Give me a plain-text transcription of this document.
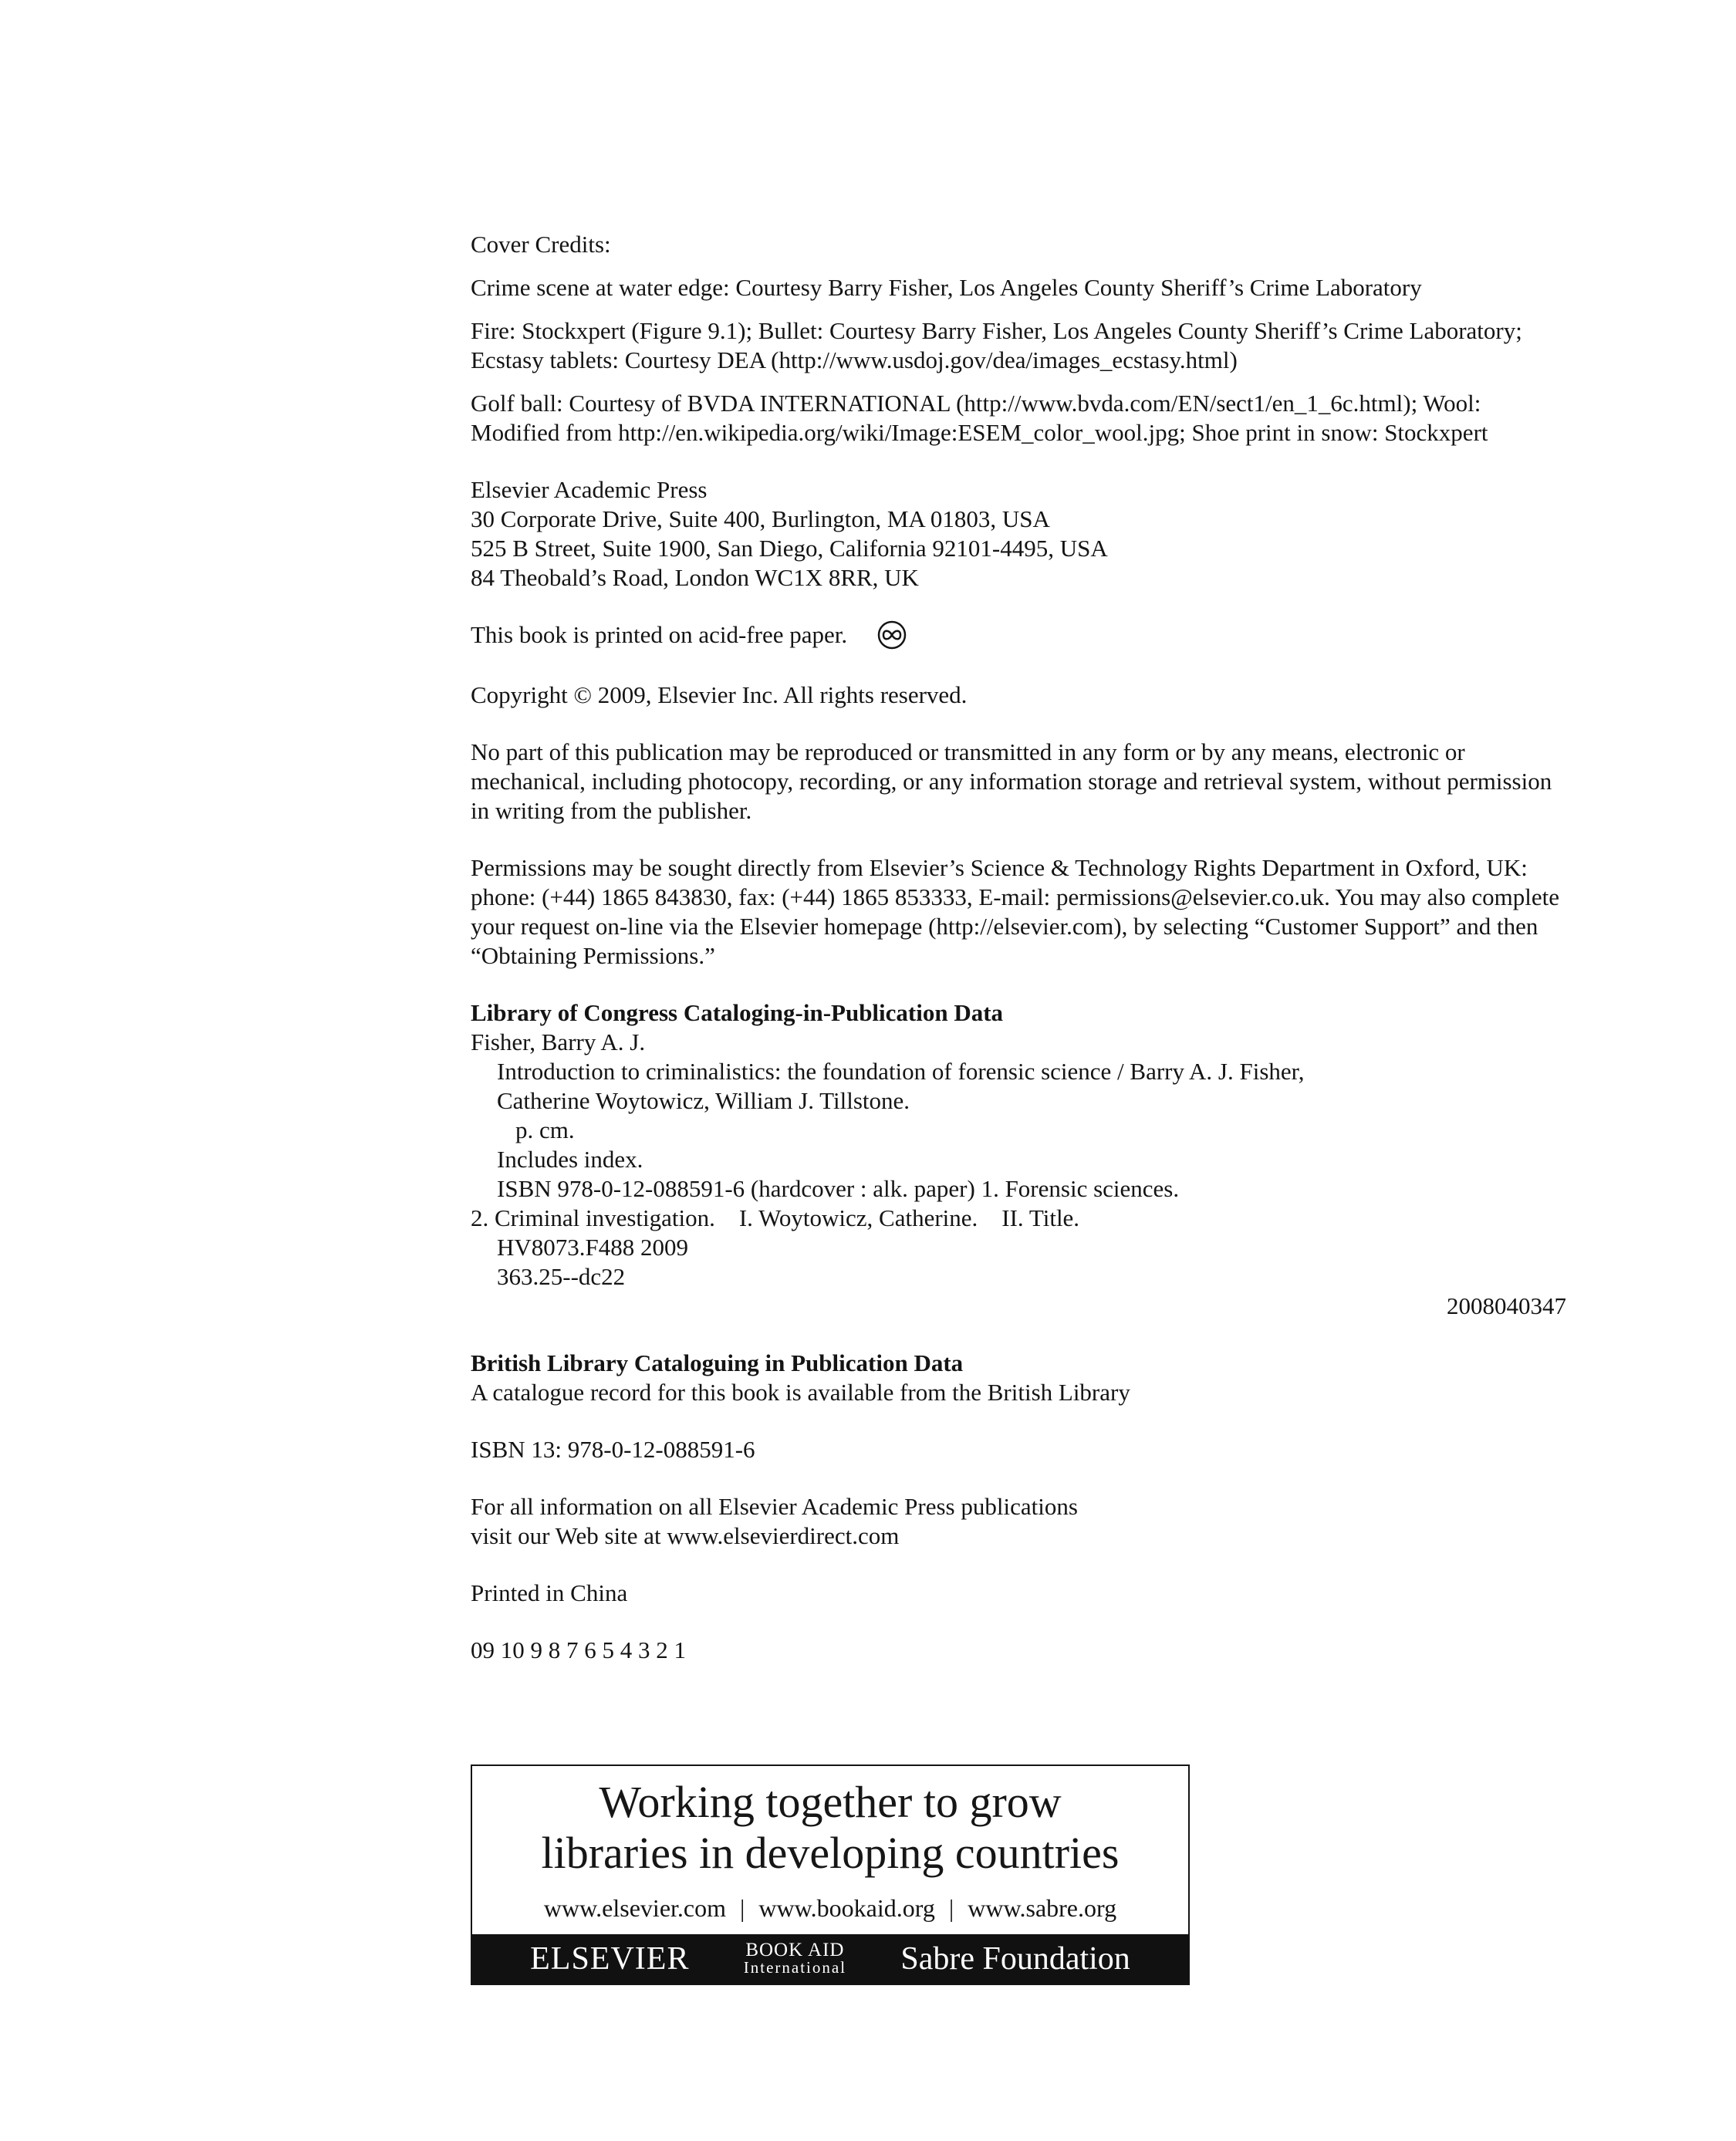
Cover Credits:
Crime scene at water edge: Courtesy Barry Fisher, Los Angeles County Sheriff’s Crime Laboratory
Fire: Stockxpert (Figure 9.1); Bullet: Courtesy Barry Fisher, Los Angeles County Sheriff’s Crime Laboratory; Ecstasy tablets: Courtesy DEA (http://www.usdoj.gov/dea/images_ecstasy.html)
Golf ball: Courtesy of BVDA INTERNATIONAL (http://www.bvda.com/EN/sect1/en_1_6c.html); Wool: Modified from http://en.wikipedia.org/wiki/Image:ESEM_color_wool.jpg; Shoe print in snow: Stockxpert

Elsevier Academic Press

30 Corporate Drive, Suite 400, Burlington, MA 01803, USA

525 B Street, Suite 1900, San Diego, California 92101-4495, USA

84 Theobald’s Road, London WC1X 8RR, UK

This book is printed on acid-free paper.
Copyright © 2009, Elsevier Inc. All rights reserved.
No part of this publication may be reproduced or transmitted in any form or by any means, electronic or mechanical, including photocopy, recording, or any information storage and retrieval system, without permission in writing from the publisher.
Permissions may be sought directly from Elsevier’s Science & Technology Rights Department in Oxford, UK: phone: (+44) 1865 843830, fax: (+44) 1865 853333, E-mail: permissions@elsevier.co.uk. You may also complete your request on-line via the Elsevier homepage (http://elsevier.com), by selecting “Customer Support” and then “Obtaining Permissions.”

Library of Congress Cataloging-in-Publication Data

Fisher, Barry A. J.

Introduction to criminalistics: the foundation of forensic science / Barry A. J. Fisher,

Catherine Woytowicz, William J. Tillstone.

p. cm.

Includes index.

ISBN 978-0-12-088591-6 (hardcover : alk. paper) 1. Forensic sciences.

2. Criminal investigation.    I. Woytowicz, Catherine.    II. Title.

HV8073.F488 2009

363.25--dc22

2008040347

British Library Cataloguing in Publication Data

A catalogue record for this book is available from the British Library

ISBN 13: 978-0-12-088591-6

For all information on all Elsevier Academic Press publications

visit our Web site at www.elsevierdirect.com

Printed in China
09 10 9 8 7 6 5 4 3 2 1
Working together to grow
libraries in developing countries
www.elsevier.com | www.bookaid.org | www.sabre.org
ELSEVIER	BOOK AID
International Sabre Foundation
